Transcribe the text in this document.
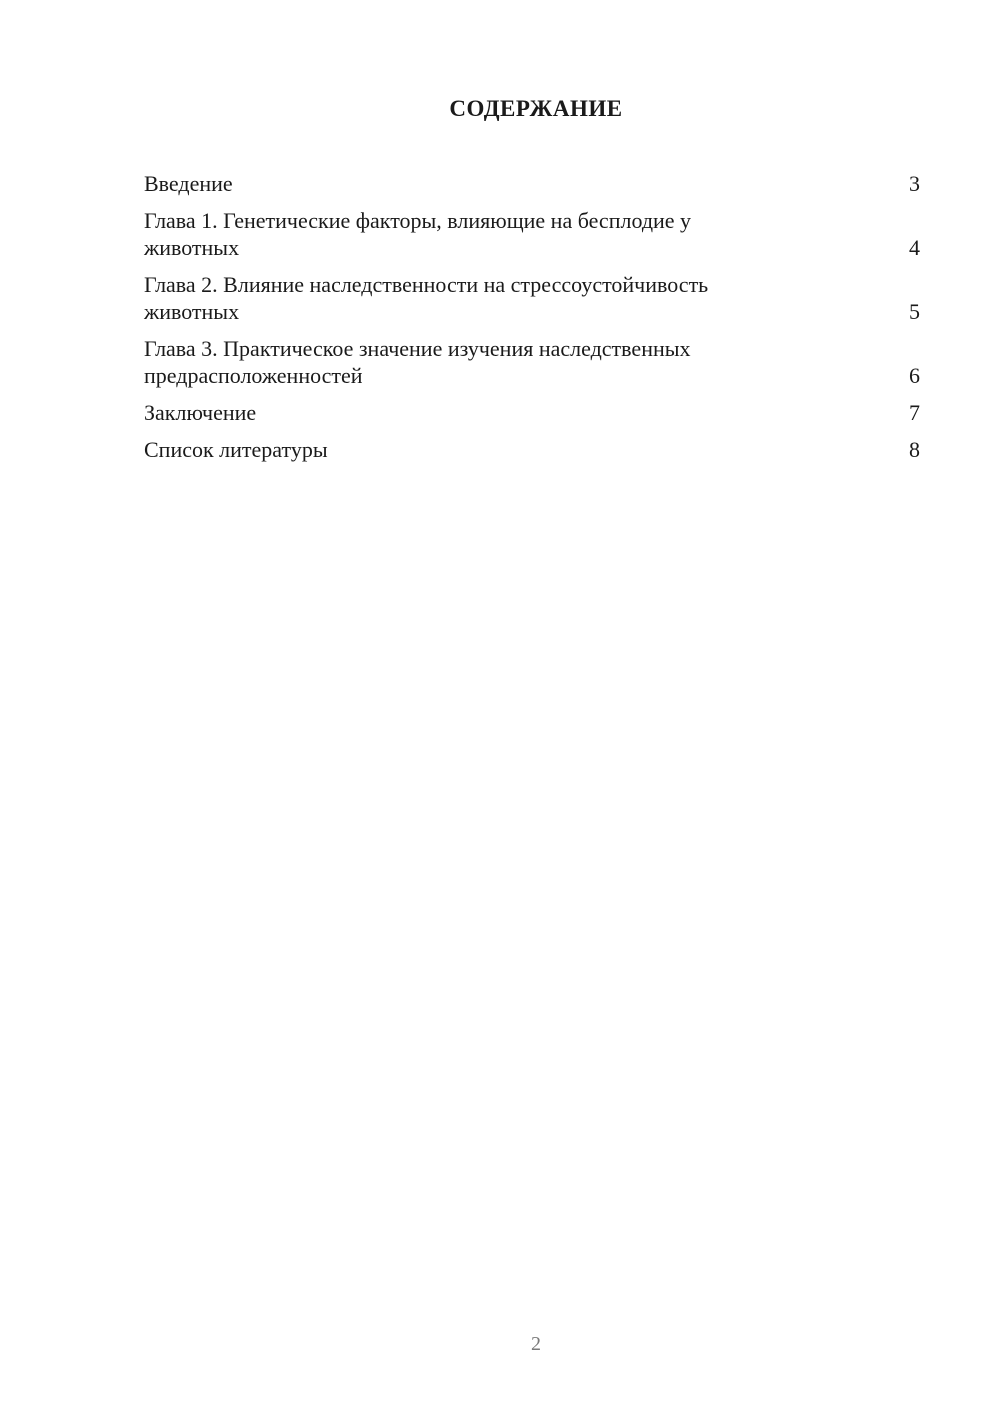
СОДЕРЖАНИЕ
Введение	3
Глава 1. Генетические факторы, влияющие на бесплодие у животных	4
Глава 2. Влияние наследственности на стрессоустойчивость животных	5
Глава 3. Практическое значение изучения наследственных предрасположенностей	6
Заключение	7
Список литературы	8
2
